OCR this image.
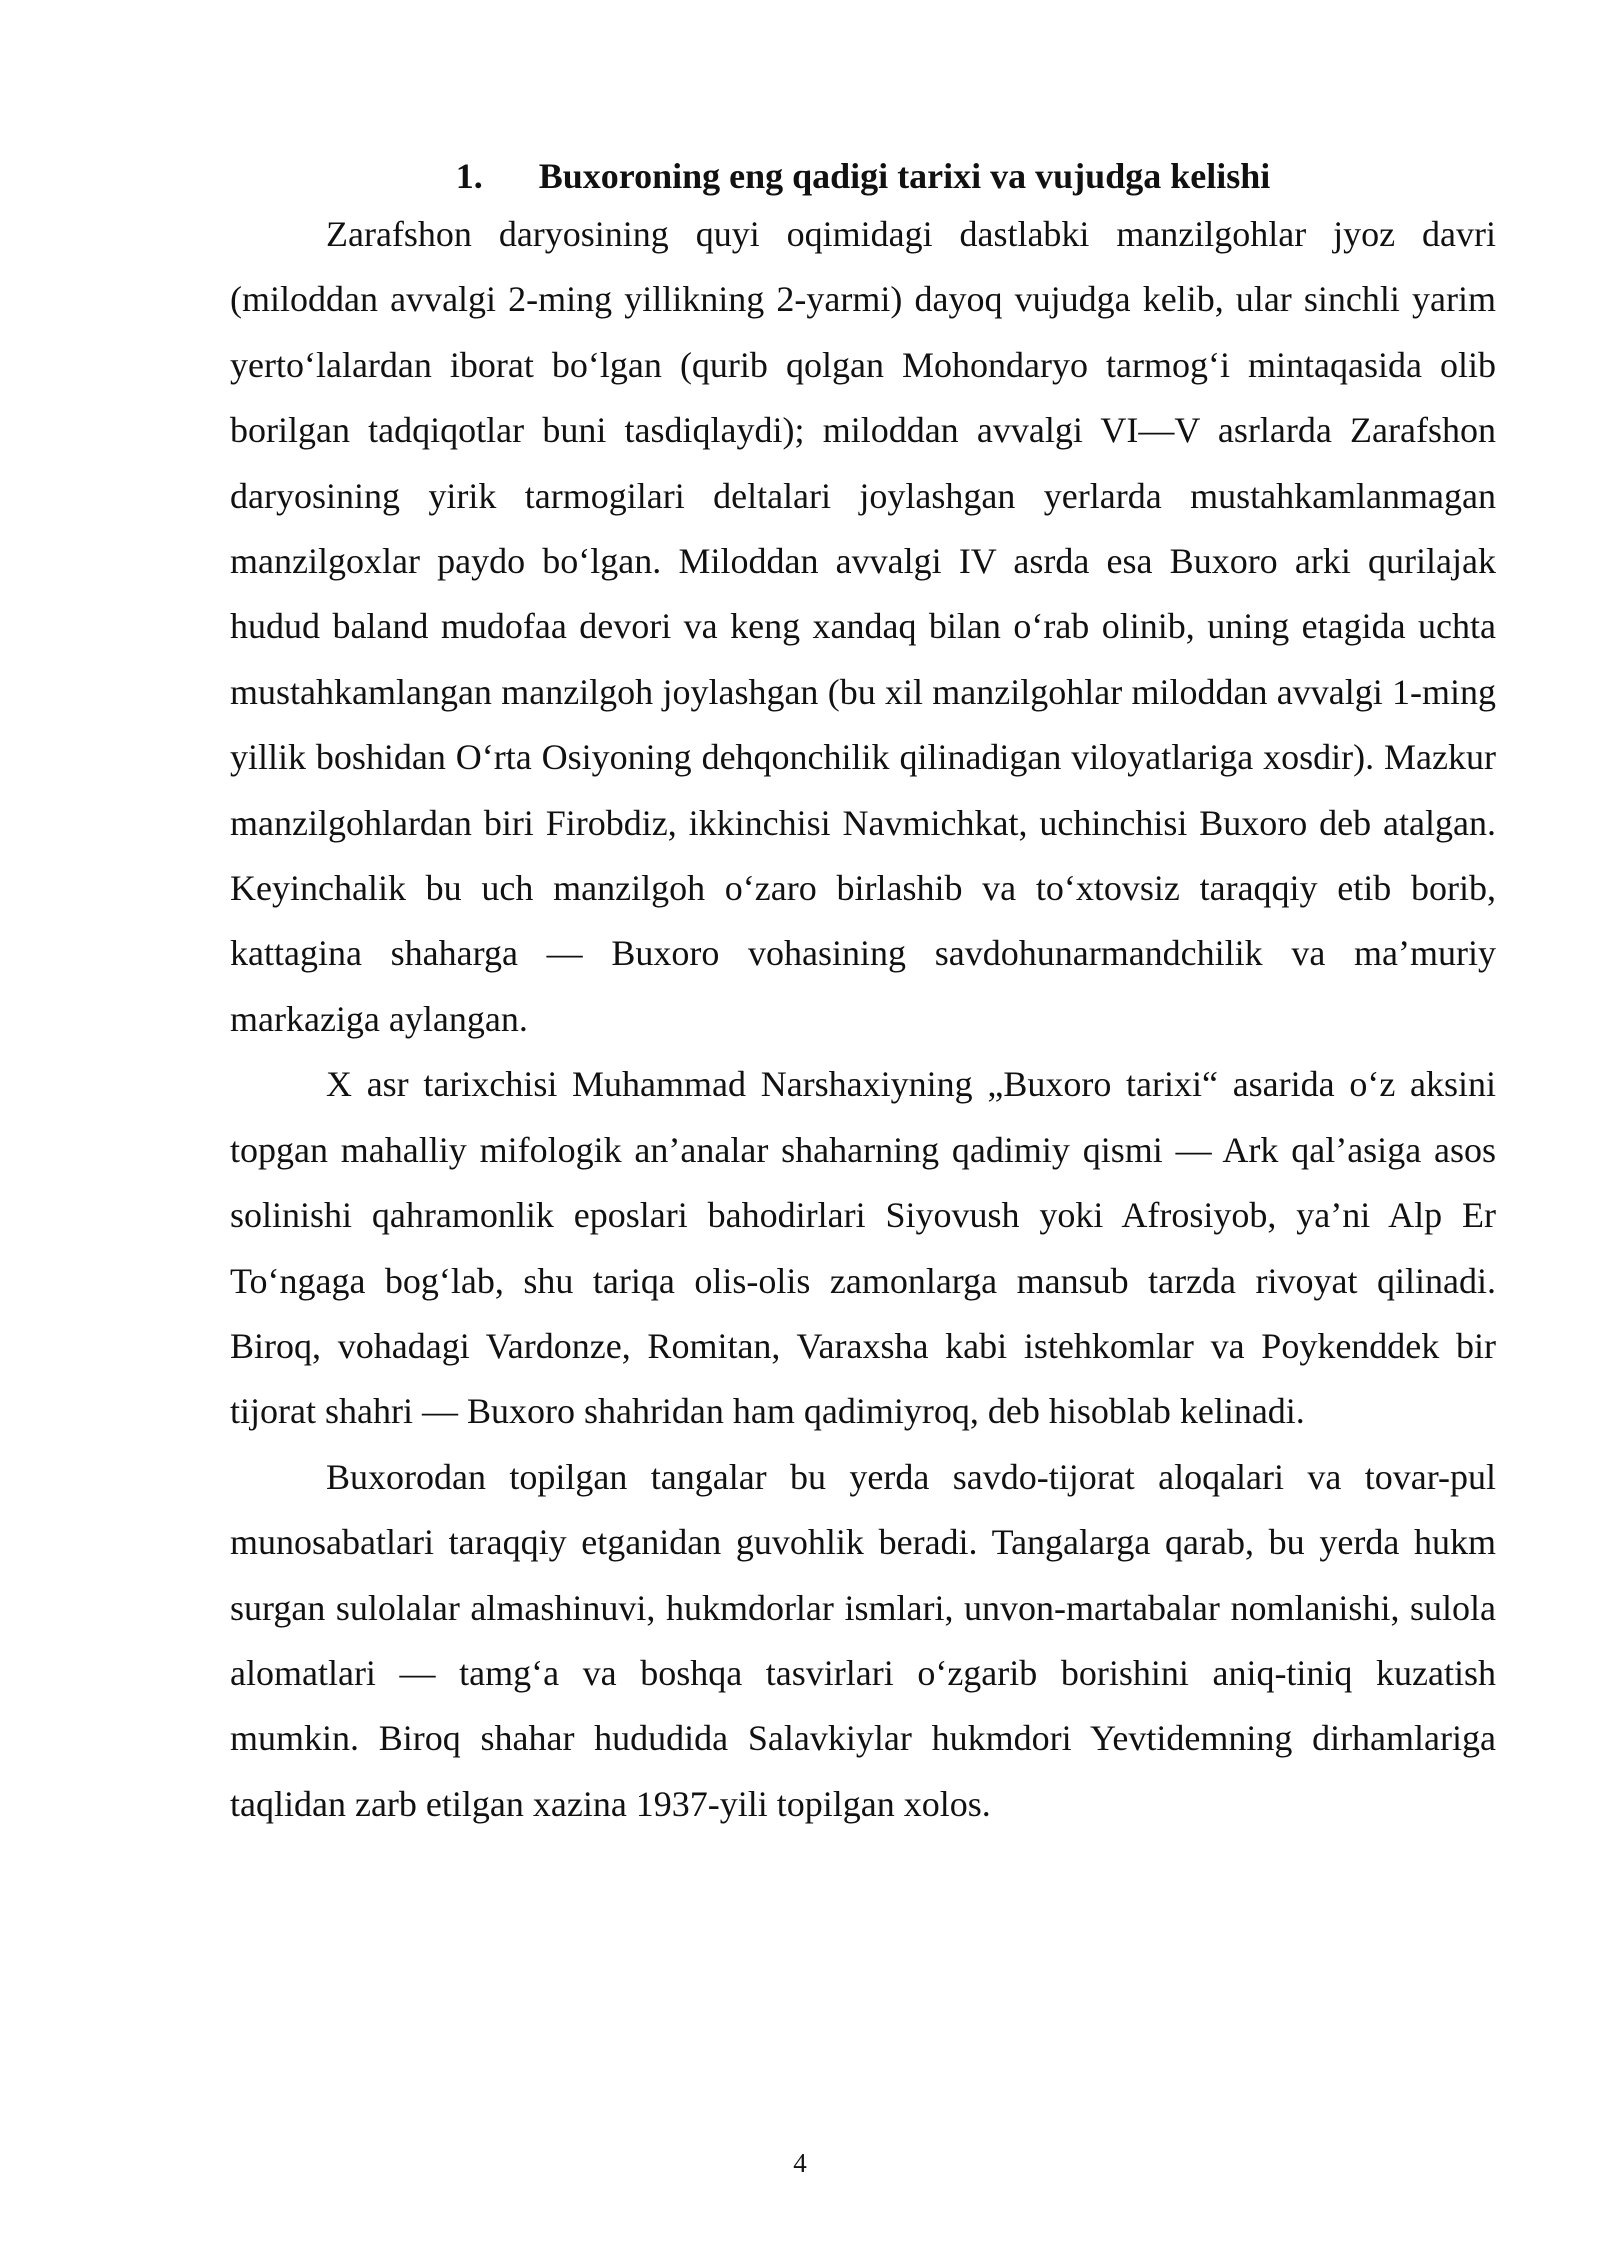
1. Buxoroning eng qadigi tarixi va vujudga kelishi

Zarafshon daryosining quyi oqimidagi dastlabki manzilgohlar jyoz davri (miloddan avvalgi 2-ming yillikning 2-yarmi) dayoq vujudga kelib, ular sinchli yarim yerto‘lalardan iborat bo‘lgan (qurib qolgan Mohondaryo tarmog‘i mintaqasida olib borilgan tadqiqotlar buni tasdiqlaydi); miloddan avvalgi VI—V asrlarda Zarafshon daryosining yirik tarmogilari deltalari joylashgan yerlarda mustahkamlanmagan manzilgoxlar paydo bo‘lgan. Miloddan avvalgi IV asrda esa Buxoro arki qurilajak hudud baland mudofaa devori va keng xandaq bilan o‘rab olinib, uning etagida uchta mustahkamlangan manzilgoh joylashgan (bu xil manzilgohlar miloddan avvalgi 1-ming yillik boshidan O‘rta Osiyoning dehqonchilik qilinadigan viloyatlariga xosdir). Mazkur manzilgohlardan biri Firobdiz, ikkinchisi Navmichkat, uchinchisi Buxoro deb atalgan. Keyinchalik bu uch manzilgoh o‘zaro birlashib va to‘xtovsiz taraqqiy etib borib, kattagina shaharga — Buxoro vohasining savdohunarmandchilik va ma’muriy markaziga aylangan.

X asr tarixchisi Muhammad Narshaxiyning „Buxoro tarixi“ asarida o‘z aksini topgan mahalliy mifologik an’analar shaharning qadimiy qismi — Ark qal’asiga asos solinishi qahramonlik eposlari bahodirlari Siyovush yoki Afrosiyob, ya’ni Alp Er To‘ngaga bog‘lab, shu tariqa olis-olis zamonlarga mansub tarzda rivoyat qilinadi. Biroq, vohadagi Vardonze, Romitan, Varaxsha kabi istehkomlar va Poykenddek bir tijorat shahri — Buxoro shahridan ham qadimiyroq, deb hisoblab kelinadi.

Buxorodan topilgan tangalar bu yerda savdo-tijorat aloqalari va tovar-pul munosabatlari taraqqiy etganidan guvohlik beradi. Tangalarga qarab, bu yerda hukm surgan sulolalar almashinuvi, hukmdorlar ismlari, unvon-martabalar nomlanishi, sulola alomatlari — tamg‘a va boshqa tasvirlari o‘zgarib borishini aniq-tiniq kuzatish mumkin. Biroq shahar hududida Salavkiylar hukmdori Yevtidemning dirhamlariga taqlidan zarb etilgan xazina 1937-yili topilgan xolos.

4
